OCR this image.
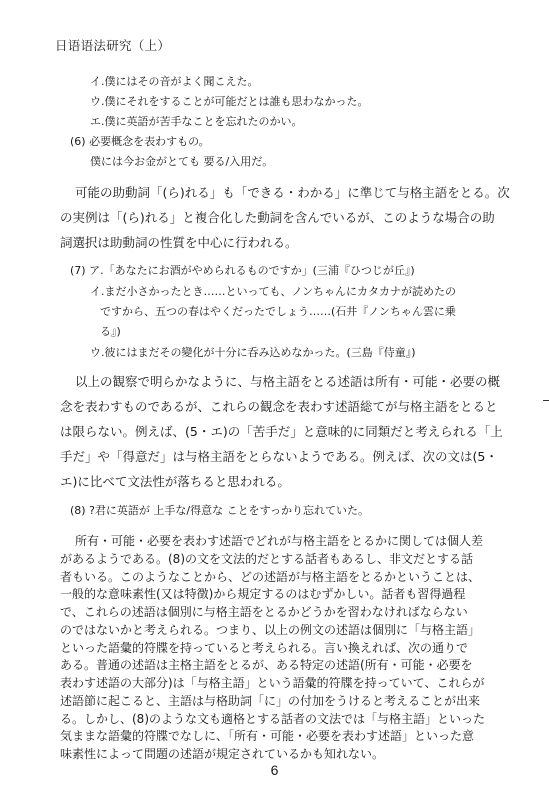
日语语法研究（上）
イ.僕にはその音がよく聞こえた。
ウ.僕にそれをすることが可能だとは誰も思わなかった。
エ.僕に英語が苦手なことを忘れたのかい。
(6) 必要概念を表わすもの。
僕には今お金がとても 要る/入用だ。
可能の助動詞「(ら)れる」も「できる・わかる」に準じて与格主語をとる。次
の実例は「(ら)れる」と複合化した動詞を含んでいるが、このような場合の助
詞選択は助動詞の性質を中心に行われる。
(7) ア.「あなたにお酒がやめられるものですか」(三浦『ひつじが丘』)
イ.まだ小さかったとき……といっても、ノンちゃんにカタカナが読めたの
ですから、五つの春はやくだったでしょう……(石井『ノンちゃん雲に乗
る』)
ウ.彼にはまだその變化が十分に呑み込めなかった。(三島『侍童』)
以上の観察で明らかなように、与格主語をとる述語は所有・可能・必要の概
念を表わすものであるが、これらの観念を表わす述語総てが与格主語をとると
は限らない。例えば、(5・エ)の「苦手だ」と意味的に同類だと考えられる「上
手だ」や「得意だ」は与格主語をとらないようである。例えば、次の文は(5・
エ)に比べて文法性が落ちると思われる。
(8) ?君に英語が 上手な/得意な ことをすっかり忘れていた。
所有・可能・必要を表わす述語でどれが与格主語をとるかに関しては個人差
があるようである。(8)の文を文法的だとする話者もあるし、非文だとする話
者もいる。このようなことから、どの述語が与格主語をとるかということは、
一般的な意味素性(又は特徴)から規定するのはむずかしい。話者も習得過程
で、これらの述語は個別に与格主語をとるかどうかを習わなければならない
のではないかと考えられる。つまり、以上の例文の述語は個別に「与格主語」
といった語彙的符牒を持っていると考えられる。言い換えれば、次の通りで
ある。普通の述語は主格主語をとるが、ある特定の述語(所有・可能・必要を
表わす述語の大部分)は「与格主語」という語彙的符牒を持っていて、これらが
述語節に起こると、主語は与格助詞「に」の付加をうけると考えることが出来
る。しかし、(8)のような文も適格とする話者の文法では「与格主語」といった
気ままな語彙的符牒でなしに、「所有・可能・必要を表わす述語」といった意
味素性によって問題の述語が規定されているかも知れない。
6
